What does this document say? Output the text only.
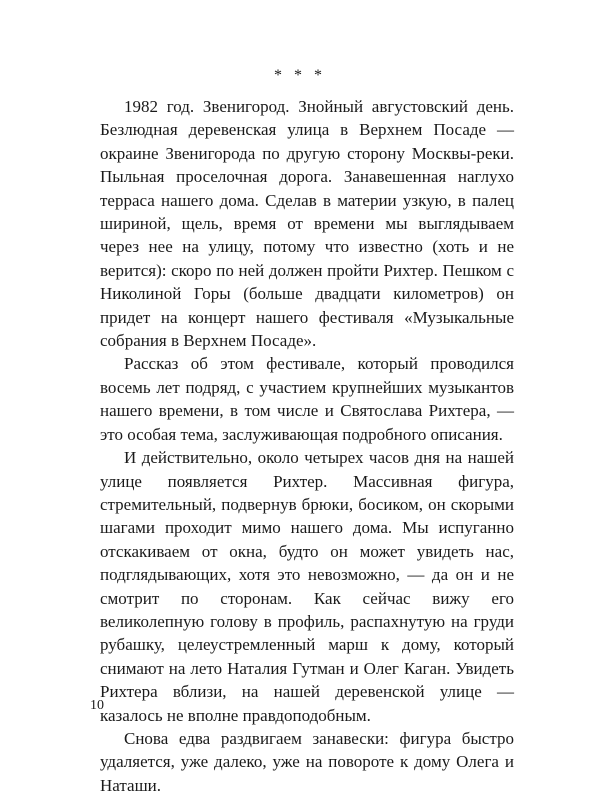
* * *

1982 год. Звенигород. Знойный августовский день. Безлюдная деревенская улица в Верхнем Посаде — окраине Звенигорода по другую сторону Москвы-реки. Пыльная проселочная дорога. Занавешенная наглухо терраса нашего дома. Сделав в материи узкую, в палец шириной, щель, время от времени мы выглядываем через нее на улицу, потому что известно (хоть и не верится): скоро по ней должен пройти Рихтер. Пешком с Николиной Горы (больше двадцати километров) он придет на концерт нашего фестиваля «Музыкальные собрания в Верхнем Посаде».

Рассказ об этом фестивале, который проводился восемь лет подряд, с участием крупнейших музыкантов нашего времени, в том числе и Святослава Рихтера, — это особая тема, заслуживающая подробного описания.

И действительно, около четырех часов дня на нашей улице появляется Рихтер. Массивная фигура, стремительный, подвернув брюки, босиком, он скорыми шагами проходит мимо нашего дома. Мы испуганно отскакиваем от окна, будто он может увидеть нас, подглядывающих, хотя это невозможно, — да он и не смотрит по сторонам. Как сейчас вижу его великолепную голову в профиль, распахнутую на груди рубашку, целеустремленный марш к дому, который снимают на лето Наталия Гутман и Олег Каган. Увидеть Рихтера вблизи, на нашей деревенской улице — казалось не вполне правдоподобным.

Снова едва раздвигаем занавески: фигура быстро удаляется, уже далеко, уже на повороте к дому Олега и Наташи.

10
